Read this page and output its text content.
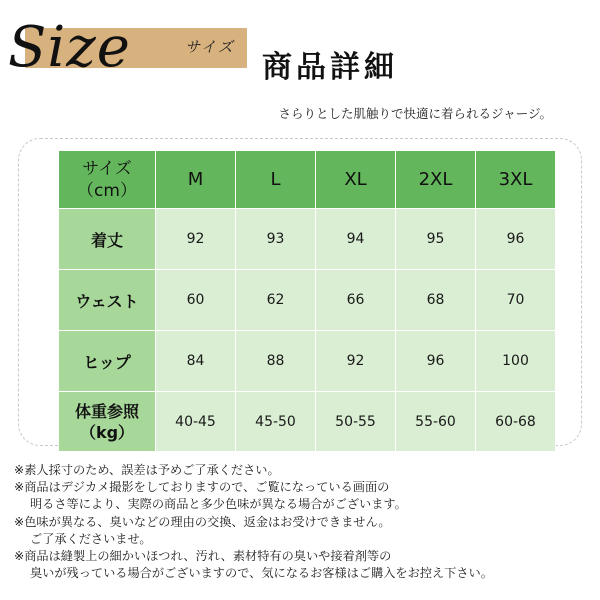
Size	サイズ
商品詳細
さらりとした肌触りで快適に着られるジャージ。
サイズ
（cm）	M	L	XL	2XL	3XL
着丈	92	93	94	95	96
ウェスト	60	62	66	68	70
ヒップ	84	88	92	96	100

体重参照
（kg）	40-45	45-50	50-55	55-60	60-68
※素人採寸のため、誤差は予めご了承ください。
※商品はデジカメ撮影をしておりますので、ご覧になっている画面の
明るさ等により、実際の商品と多少色味が異なる場合がございます。
※色味が異なる、臭いなどの理由の交換、返金はお受けできません。
ご了承くださいませ。
※商品は縫製上の細かいほつれ、汚れ、素材特有の臭いや接着剤等の
臭いが残っている場合がございますので、気になるお客様はご購入をお控え下さい。
